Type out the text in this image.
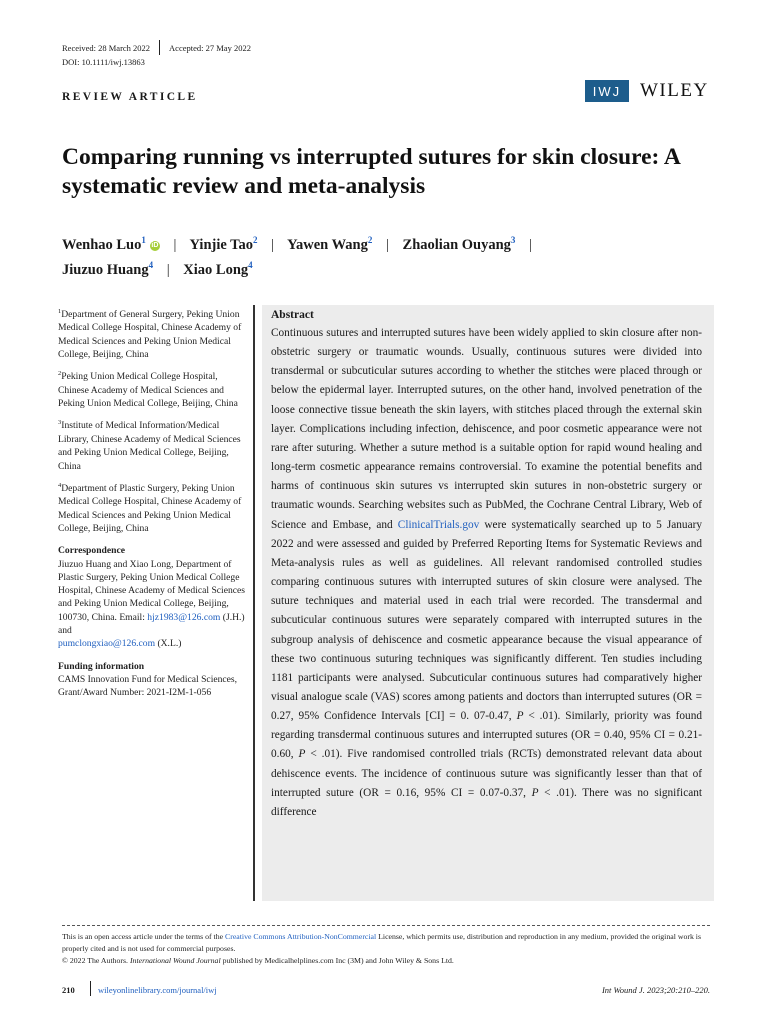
Received: 28 March 2022 Accepted: 27 May 2022
DOI: 10.1111/iwj.13863
REVIEW ARTICLE	IWJ WILEY
Comparing running vs interrupted sutures for skin closure: A systematic review and meta-analysis
Wenhao Luo$^1$iD | Yinjie Tao$^2$ | Yawen Wang$^2$ | Zhaolian Ouyang$^3$ |
Jiuzuo Huang$^4$ | Xiao Long$^4$
$^1$Department of General Surgery, Peking Union Medical College Hospital, Chinese Academy of Medical Sciences and Peking Union Medical College, Beijing, China
$^2$Peking Union Medical College Hospital, Chinese Academy of Medical Sciences and Peking Union Medical College, Beijing, China
$^3$Institute of Medical Information/Medical Library, Chinese Academy of Medical Sciences and Peking Union Medical College, Beijing, China
$^4$Department of Plastic Surgery, Peking Union Medical College Hospital, Chinese Academy of Medical Sciences and Peking Union Medical College, Beijing, China
Correspondence
Jiuzuo Huang and Xiao Long, Department of Plastic Surgery, Peking Union Medical College Hospital, Chinese Academy of Medical Sciences and Peking Union Medical College, Beijing, 100730, China. Email: hjz1983@126.com (J.H.) and
pumclongxiao@126.com (X.L.)
Funding information
CAMS Innovation Fund for Medical Sciences, Grant/Award Number: 2021-I2M-1-056
Abstract
Continuous sutures and interrupted sutures have been widely applied to skin closure after non-obstetric surgery or traumatic wounds. Usually, continuous sutures were divided into transdermal or subcuticular sutures according to whether the stitches were placed through or below the epidermal layer. Interrupted sutures, on the other hand, involved penetration of the loose connective tissue beneath the skin layers, with stitches placed through the external skin layer. Complications including infection, dehiscence, and poor cosmetic appearance were not rare after suturing. Whether a suture method is a suitable option for rapid wound healing and long-term cosmetic appearance remains controversial. To examine the potential benefits and harms of continuous skin sutures vs interrupted skin sutures in non-obstetric surgery or traumatic wounds. Searching websites such as PubMed, the Cochrane Central Library, Web of Science and Embase, and ClinicalTrials.gov were systematically searched up to 5 January 2022 and were assessed and guided by Preferred Reporting Items for Systematic Reviews and Meta-analysis rules as well as guidelines. All relevant randomised controlled studies comparing continuous sutures with interrupted sutures of skin closure were analysed. The suture techniques and material used in each trial were recorded. The transdermal and subcuticular continuous sutures were separately compared with interrupted sutures in the subgroup analysis of dehiscence and cosmetic appearance because the visual appearance of these two continuous suturing techniques was significantly different. Ten studies including 1181 participants were analysed. Subcuticular continuous sutures had comparatively higher visual analogue scale (VAS) scores among patients and doctors than interrupted sutures (OR = 0.27, 95% Confidence Intervals [CI] = 0. 07-0.47, P < .01). Similarly, priority was found regarding transdermal continuous sutures and interrupted sutures (OR = 0.40, 95% CI = 0.21-0.60, P < .01). Five randomised controlled trials (RCTs) demonstrated relevant data about dehiscence events. The incidence of continuous suture was significantly lesser than that of interrupted suture (OR = 0.16, 95% CI = 0.07-0.37, P < .01). There was no significant difference
This is an open access article under the terms of the Creative Commons Attribution-NonCommercial License, which permits use, distribution and reproduction in any medium, provided the original work is properly cited and is not used for commercial purposes.
© 2022 The Authors. International Wound Journal published by Medicalhelplines.com Inc (3M) and John Wiley & Sons Ltd.
210	wileyonlinelibrary.com/journal/iwj	Int Wound J. 2023;20:210–220.
